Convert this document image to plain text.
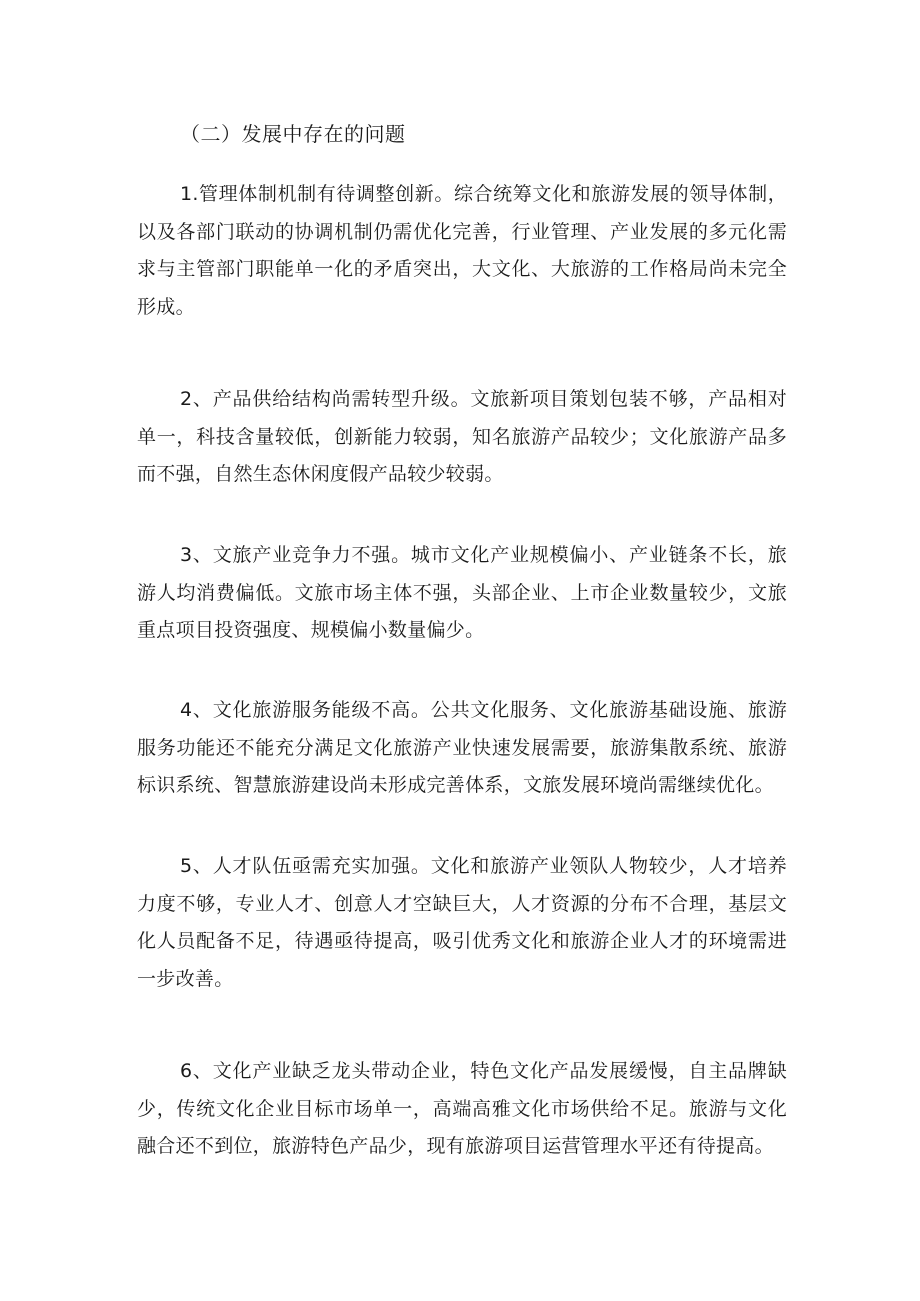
（二）发展中存在的问题

1.管理体制机制有待调整创新。综合统筹文化和旅游发展的领导体制，以及各部门联动的协调机制仍需优化完善，行业管理、产业发展的多元化需求与主管部门职能单一化的矛盾突出，大文化、大旅游的工作格局尚未完全形成。

2、产品供给结构尚需转型升级。文旅新项目策划包装不够，产品相对单一，科技含量较低，创新能力较弱，知名旅游产品较少；文化旅游产品多而不强，自然生态休闲度假产品较少较弱。

3、文旅产业竞争力不强。城市文化产业规模偏小、产业链条不长，旅游人均消费偏低。文旅市场主体不强，头部企业、上市企业数量较少，文旅重点项目投资强度、规模偏小数量偏少。

4、文化旅游服务能级不高。公共文化服务、文化旅游基础设施、旅游服务功能还不能充分满足文化旅游产业快速发展需要，旅游集散系统、旅游标识系统、智慧旅游建设尚未形成完善体系，文旅发展环境尚需继续优化。

5、人才队伍亟需充实加强。文化和旅游产业领队人物较少，人才培养力度不够，专业人才、创意人才空缺巨大，人才资源的分布不合理，基层文化人员配备不足，待遇亟待提高，吸引优秀文化和旅游企业人才的环境需进一步改善。

6、文化产业缺乏龙头带动企业，特色文化产品发展缓慢，自主品牌缺少，传统文化企业目标市场单一，高端高雅文化市场供给不足。旅游与文化融合还不到位，旅游特色产品少，现有旅游项目运营管理水平还有待提高。
